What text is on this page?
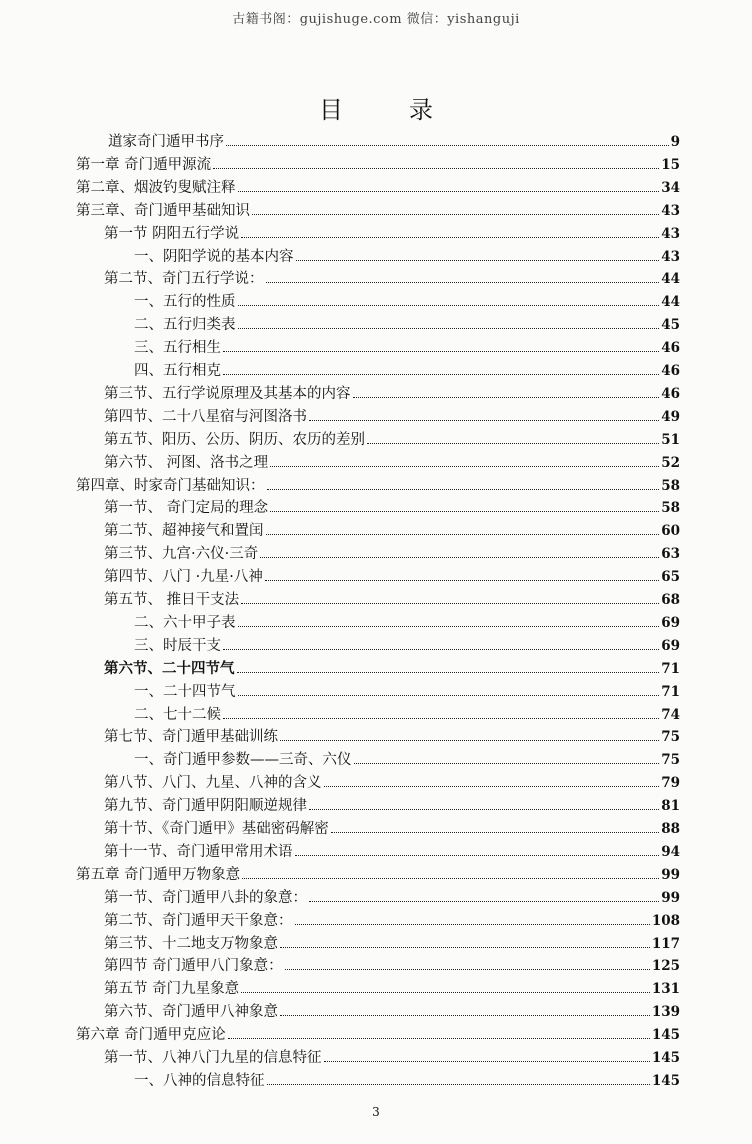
古籍书阁：gujishuge.com 微信：yishanguji
目录
道家奇门遁甲书序	9
第一章 奇门遁甲源流	15
第二章、烟波钓叟赋注释	34
第三章、奇门遁甲基础知识	43
第一节 阴阳五行学说	43
一、阴阳学说的基本内容	43
第二节、奇门五行学说：	44
一、五行的性质	44
二、五行归类表	45
三、五行相生	46
四、五行相克	46
第三节、五行学说原理及其基本的内容	46
第四节、二十八星宿与河图洛书	49
第五节、阳历、公历、阴历、农历的差别	51
第六节、 河图、洛书之理	52
第四章、时家奇门基础知识：	58
第一节、 奇门定局的理念	58
第二节、超神接气和置闰	60
第三节、九宫·六仪·三奇	63
第四节、八门 ·九星·八神	65
第五节、 推日干支法	68
二、六十甲子表	69
三、时辰干支	69
第六节、二十四节气	71
一、二十四节气	71
二、七十二候	74
第七节、奇门遁甲基础训练	75
一、奇门遁甲参数——三奇、六仪	75
第八节、八门、九星、八神的含义	79
第九节、奇门遁甲阴阳顺逆规律	81
第十节、《奇门遁甲》基础密码解密	88
第十一节、奇门遁甲常用术语	94
第五章 奇门遁甲万物象意	99
第一节、奇门遁甲八卦的象意：	99
第二节、奇门遁甲天干象意：	108
第三节、十二地支万物象意	117
第四节 奇门遁甲八门象意：	125
第五节 奇门九星象意	131
第六节、奇门遁甲八神象意	139
第六章 奇门遁甲克应论	145
第一节、八神八门九星的信息特征	145
一、八神的信息特征	145
3
